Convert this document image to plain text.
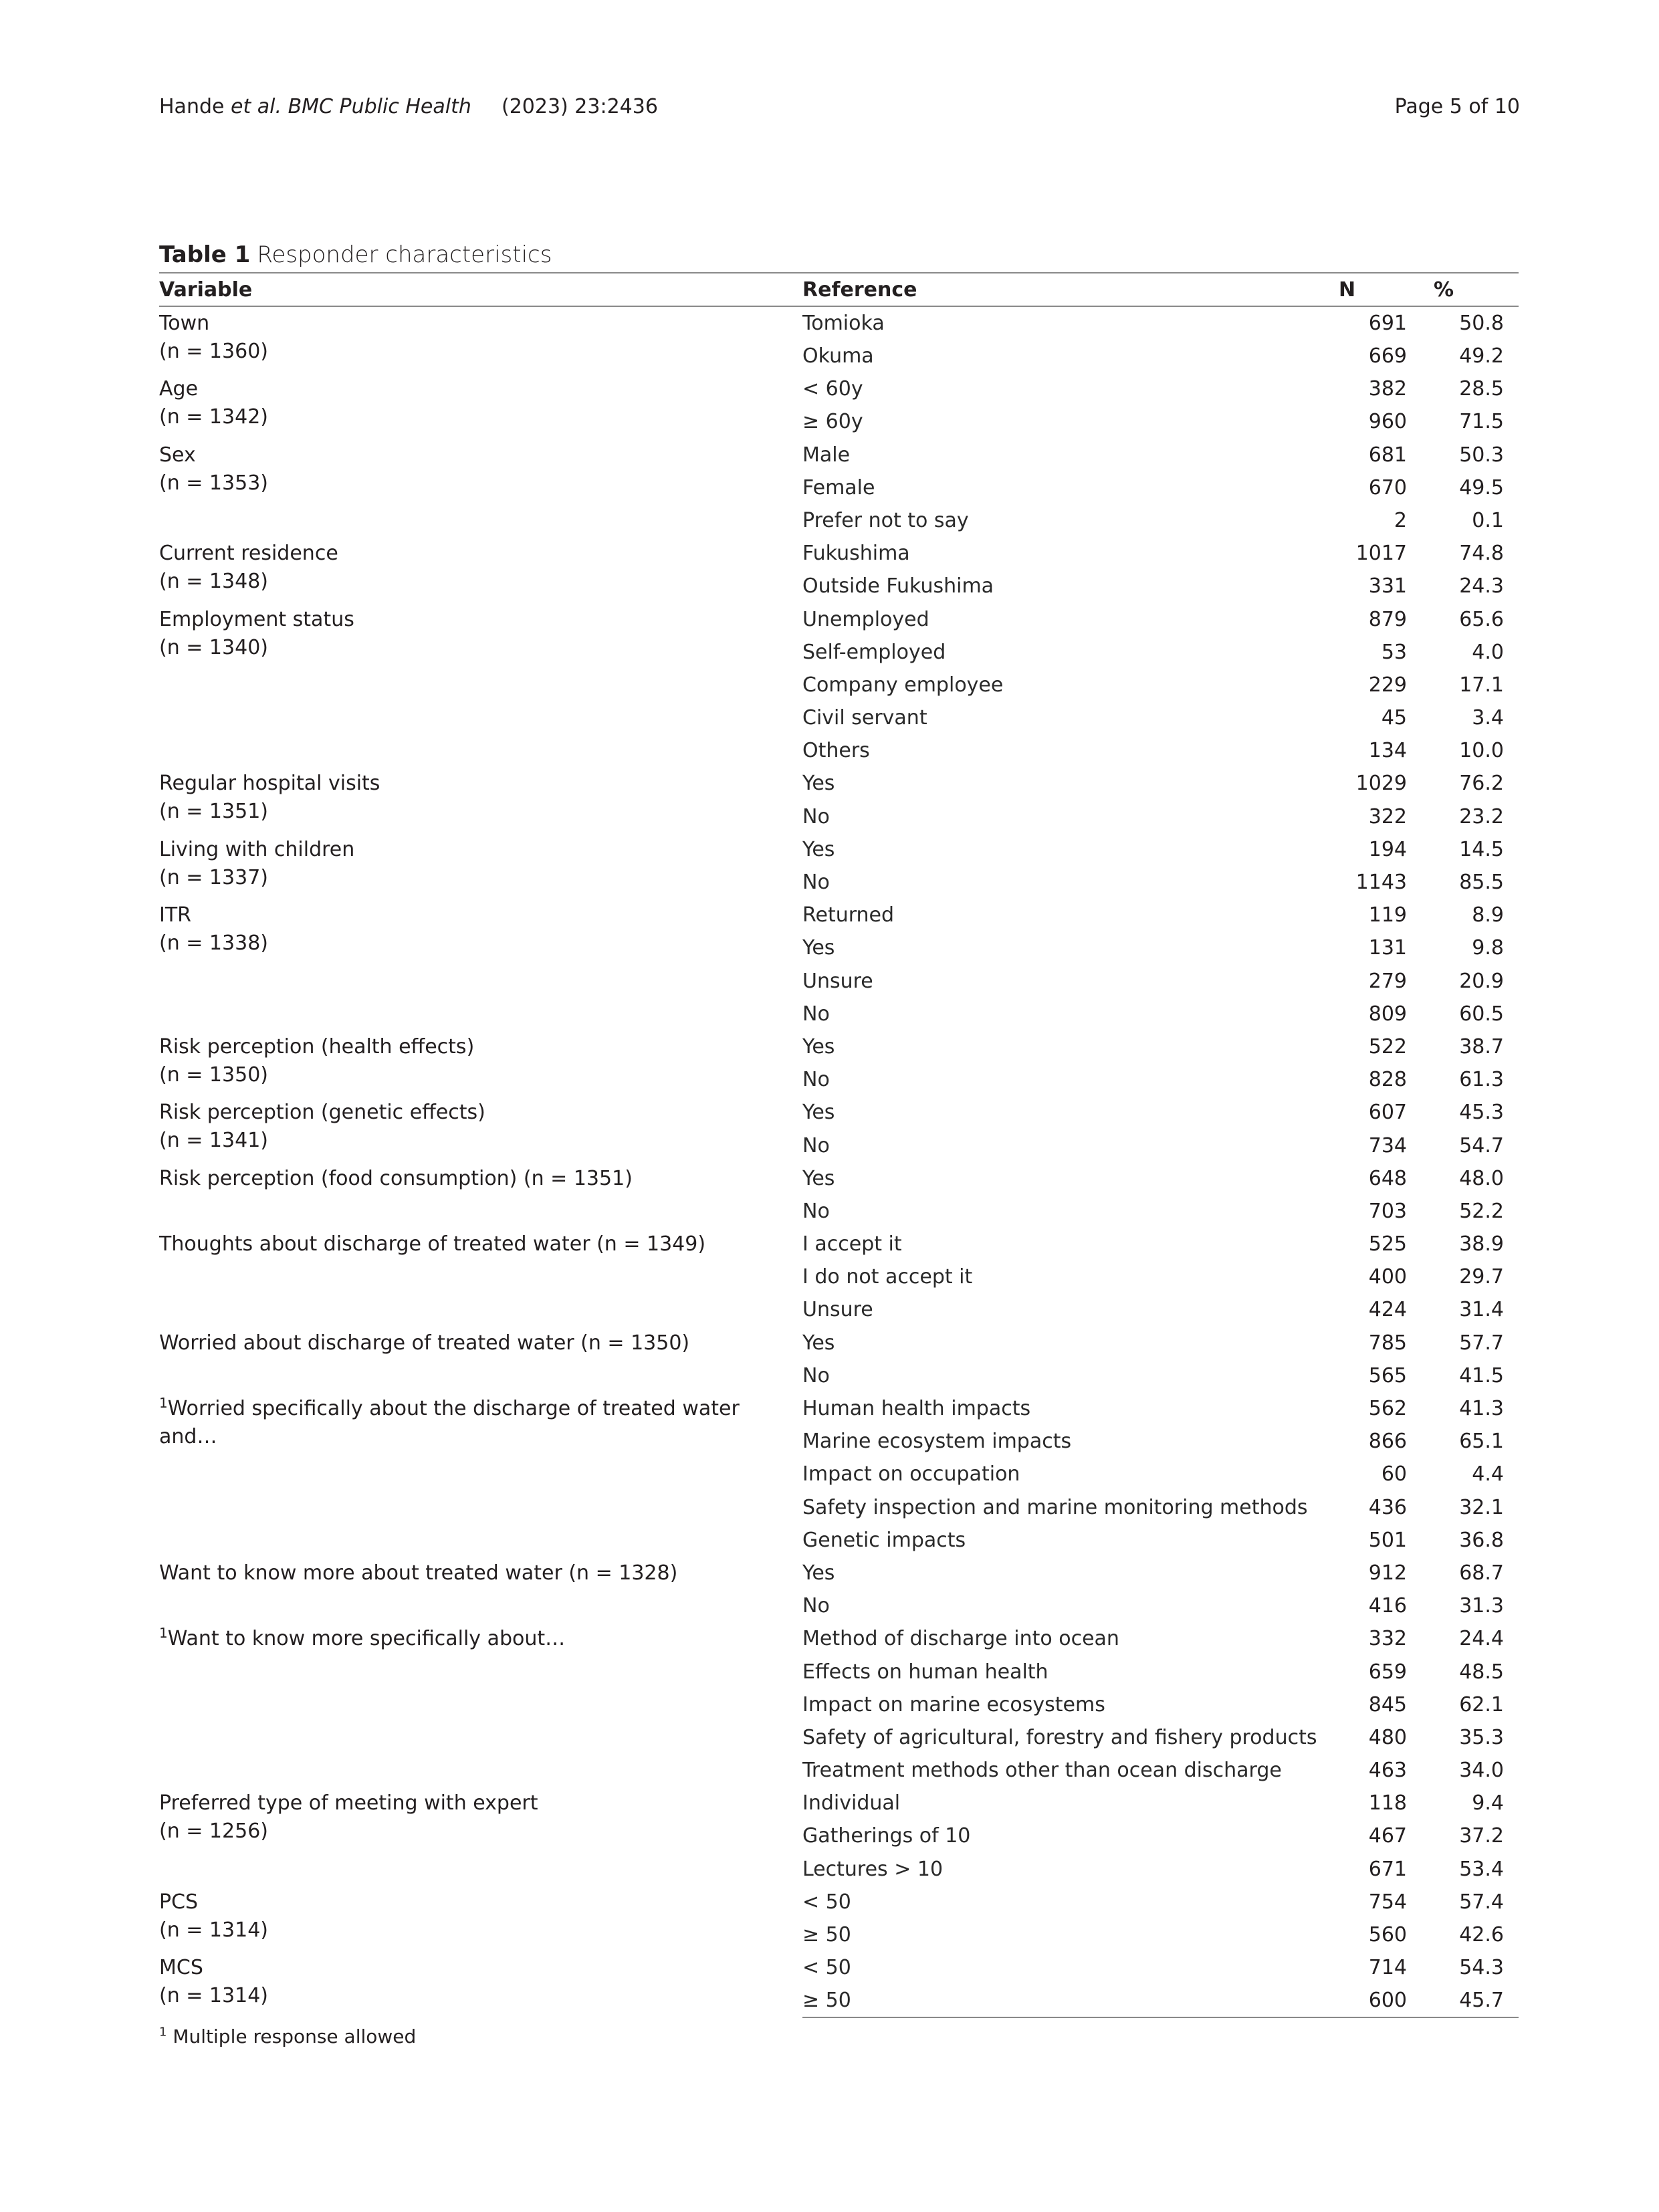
Hande et al. BMC Public Health (2023) 23:2436	Page 5 of 10
Table 1 Responder characteristics
Variable	Reference	N	%
Town
(n = 1360)	Tomioka	691	50.8
	Okuma	669	49.2
Age
(n = 1342)	< 60y	382	28.5
	≥ 60y	960	71.5
Sex
(n = 1353)	Male	681	50.3
	Female	670	49.5
	Prefer not to say	2	0.1
Current residence
(n = 1348)	Fukushima	1017	74.8
	Outside Fukushima	331	24.3
Employment status
(n = 1340)	Unemployed	879	65.6
	Self-employed	53	4.0
	Company employee	229	17.1
	Civil servant	45	3.4
	Others	134	10.0
Regular hospital visits
(n = 1351)	Yes	1029	76.2
	No	322	23.2
Living with children
(n = 1337)	Yes	194	14.5
	No	1143	85.5
ITR
(n = 1338)	Returned	119	8.9
	Yes	131	9.8
	Unsure	279	20.9
	No	809	60.5
Risk perception (health effects)
(n = 1350)	Yes	522	38.7
	No	828	61.3
Risk perception (genetic effects)
(n = 1341)	Yes	607	45.3
	No	734	54.7
Risk perception (food consumption) (n = 1351)	Yes	648	48.0
	No	703	52.2
Thoughts about discharge of treated water (n = 1349)	I accept it	525	38.9
	I do not accept it	400	29.7
	Unsure	424	31.4
Worried about discharge of treated water (n = 1350)	Yes	785	57.7
	No	565	41.5
$^1$Worried specifically about the discharge of treated water and…	Human health impacts	562	41.3
	Marine ecosystem impacts	866	65.1
	Impact on occupation	60	4.4
	Safety inspection and marine monitoring methods	436	32.1
	Genetic impacts	501	36.8
Want to know more about treated water (n = 1328)	Yes	912	68.7
	No	416	31.3
$^1$Want to know more specifically about…	Method of discharge into ocean	332	24.4
	Effects on human health	659	48.5
	Impact on marine ecosystems	845	62.1
	Safety of agricultural, forestry and fishery products	480	35.3
	Treatment methods other than ocean discharge	463	34.0
Preferred type of meeting with expert
(n = 1256)	Individual	118	9.4
	Gatherings of 10	467	37.2
	Lectures > 10	671	53.4
PCS
(n = 1314)	< 50	754	57.4
	≥ 50	560	42.6
MCS
(n = 1314)	< 50	714	54.3
	≥ 50	600	45.7
$^1$ Multiple response allowed
